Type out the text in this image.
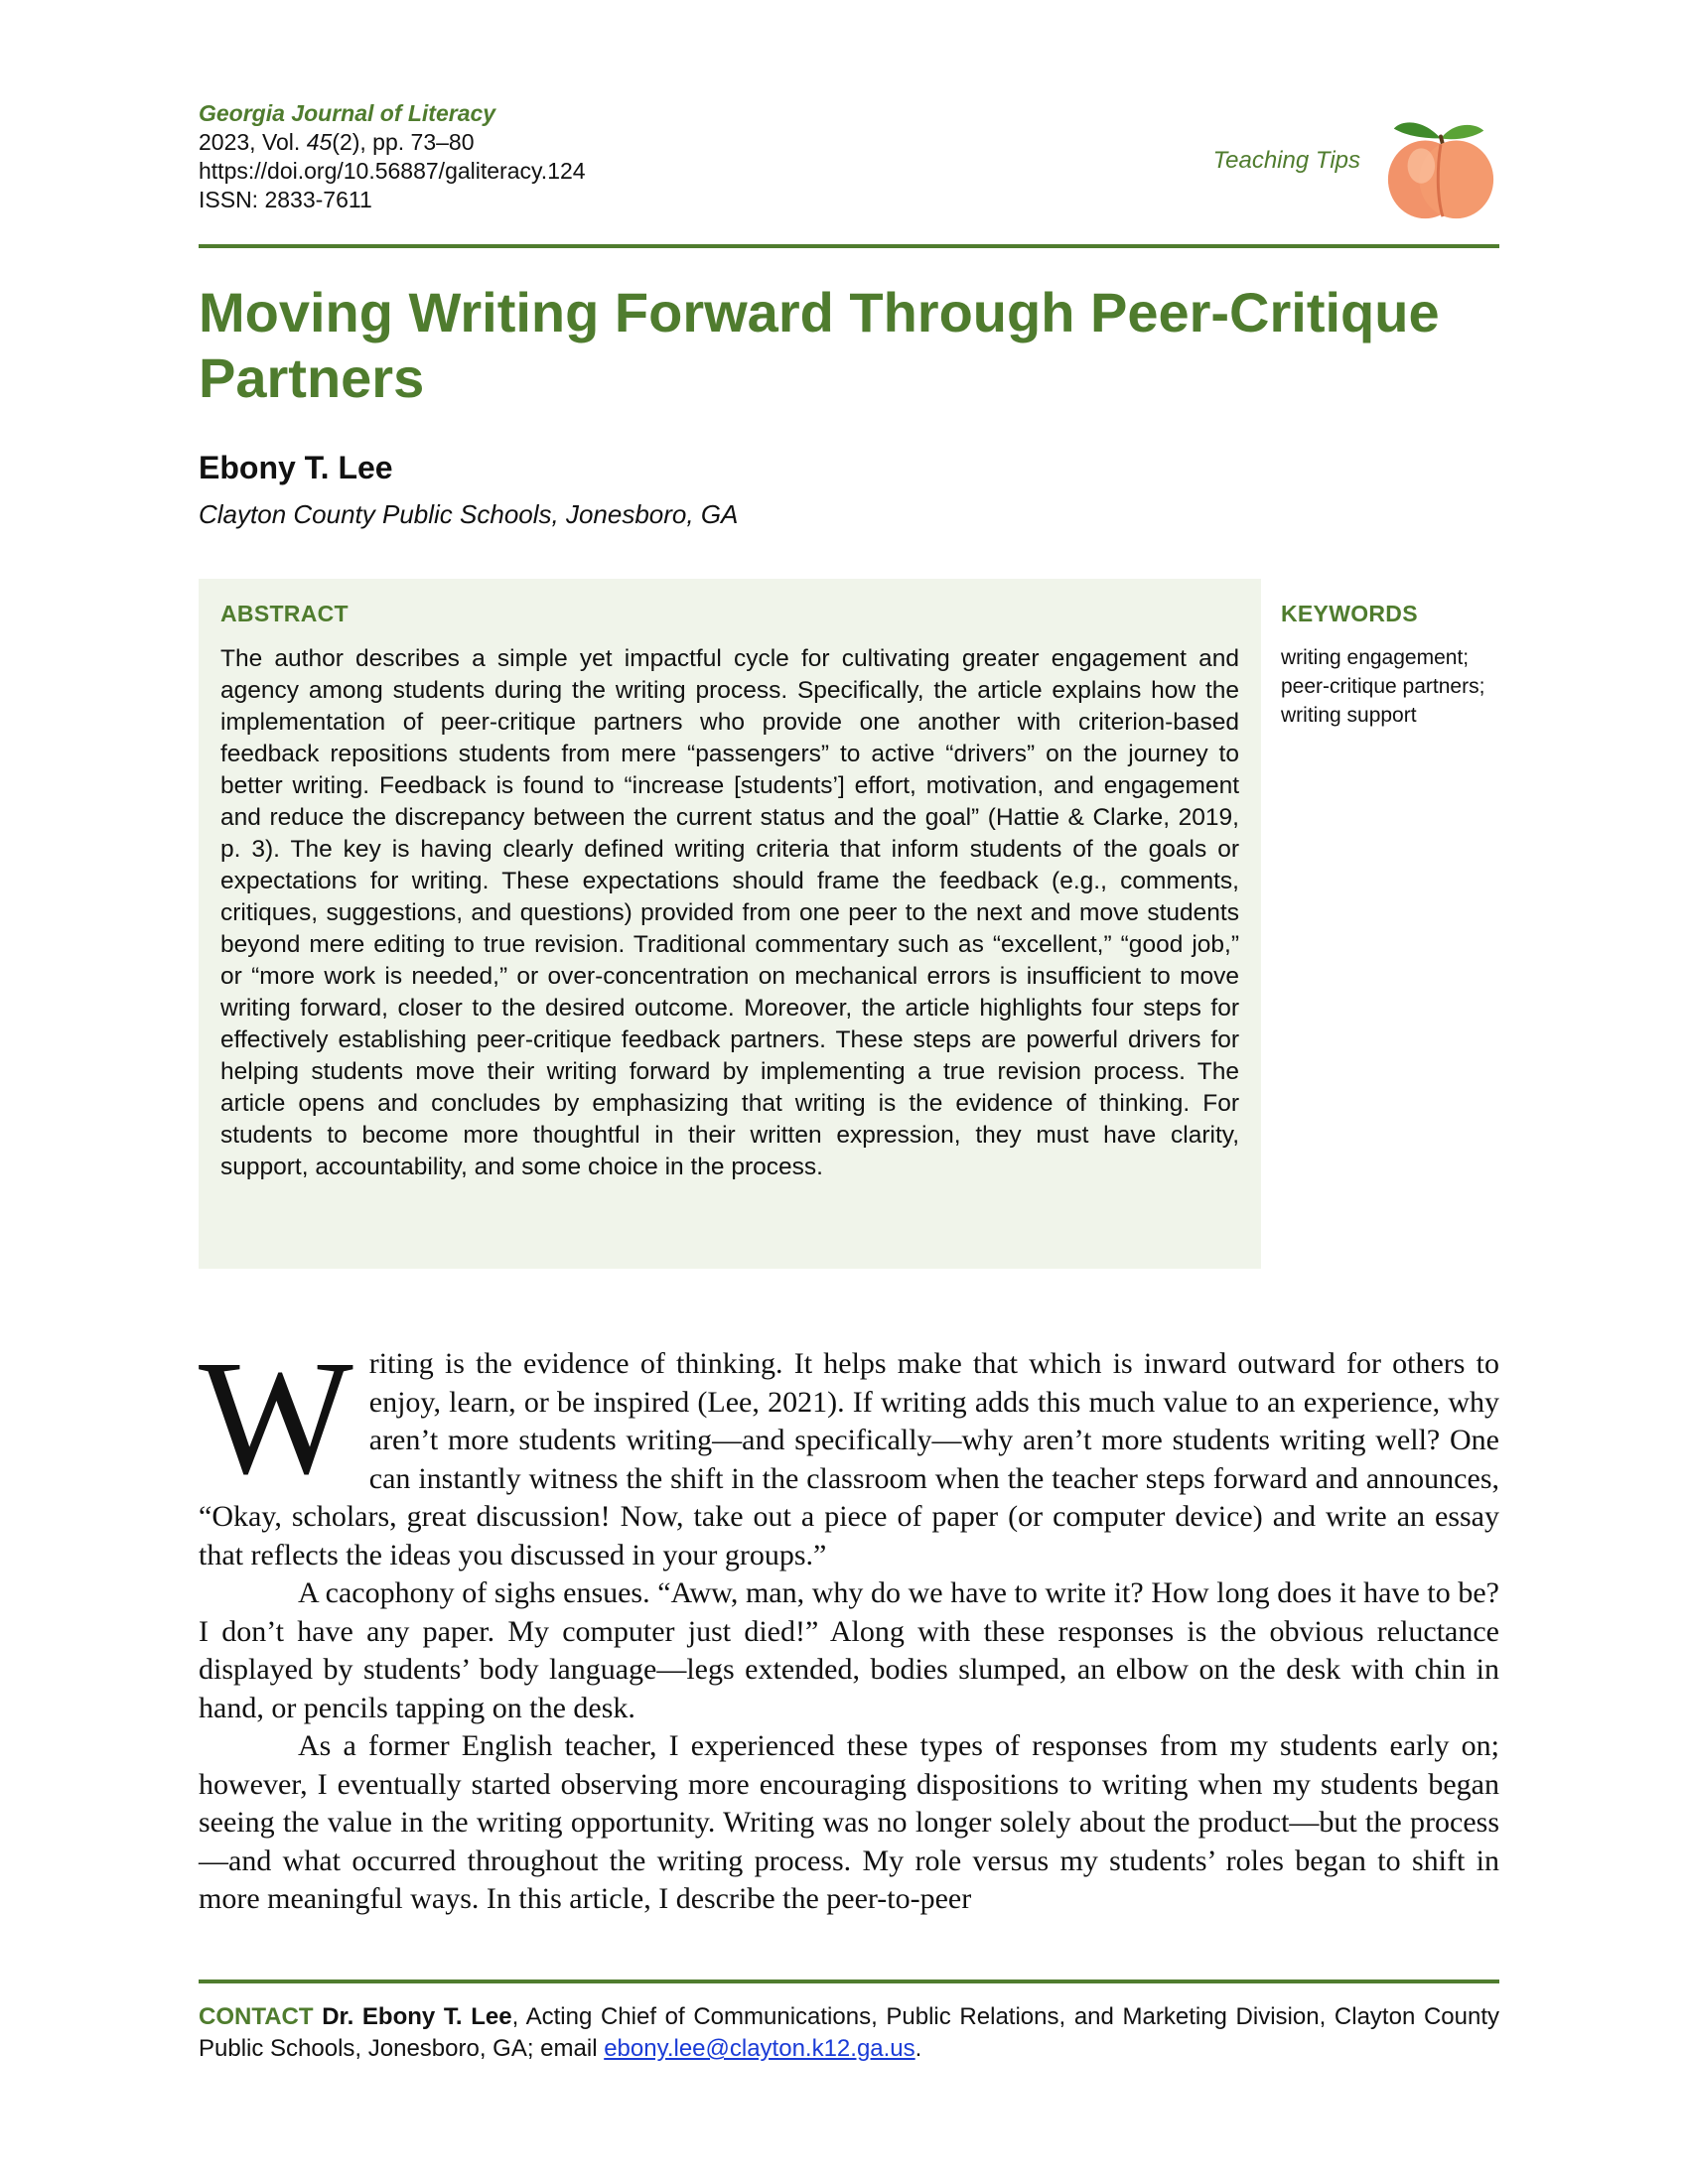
Georgia Journal of Literacy
2023, Vol. 45(2), pp. 73–80
https://doi.org/10.56887/galiteracy.124
ISSN: 2833-7611
Teaching Tips
Moving Writing Forward Through Peer-Critique Partners
Ebony T. Lee
Clayton County Public Schools, Jonesboro, GA
ABSTRACT
The author describes a simple yet impactful cycle for cultivating greater engagement and agency among students during the writing process. Specifically, the article explains how the implementation of peer-critique partners who provide one another with criterion-based feedback repositions students from mere “passengers” to active “drivers” on the journey to better writing. Feedback is found to “increase [students’] effort, motivation, and engagement and reduce the discrepancy between the current status and the goal” (Hattie & Clarke, 2019, p. 3). The key is having clearly defined writing criteria that inform students of the goals or expectations for writing. These expectations should frame the feedback (e.g., comments, critiques, suggestions, and questions) provided from one peer to the next and move students beyond mere editing to true revision. Traditional commentary such as “excellent,” “good job,” or “more work is needed,” or over-concentration on mechanical errors is insufficient to move writing forward, closer to the desired outcome. Moreover, the article highlights four steps for effectively establishing peer-critique feedback partners. These steps are powerful drivers for helping students move their writing forward by implementing a true revision process. The article opens and concludes by emphasizing that writing is the evidence of thinking. For students to become more thoughtful in their written expression, they must have clarity, support, accountability, and some choice in the process.
KEYWORDS
writing engagement; peer-critique partners; writing support

Writing is the evidence of thinking. It helps make that which is inward outward for others to enjoy, learn, or be inspired (Lee, 2021). If writing adds this much value to an experience, why aren’t more students writing—and specifically—why aren’t more students writing well? One can instantly witness the shift in the classroom when the teacher steps forward and announces, “Okay, scholars, great discussion! Now, take out a piece of paper (or computer device) and write an essay that reflects the ideas you discussed in your groups.”

A cacophony of sighs ensues. “Aww, man, why do we have to write it? How long does it have to be? I don’t have any paper. My computer just died!” Along with these responses is the obvious reluctance displayed by students’ body language—legs extended, bodies slumped, an elbow on the desk with chin in hand, or pencils tapping on the desk.

As a former English teacher, I experienced these types of responses from my students early on; however, I eventually started observing more encouraging dispositions to writing when my students began seeing the value in the writing opportunity. Writing was no longer solely about the product—but the process—and what occurred throughout the writing process. My role versus my students’ roles began to shift in more meaningful ways. In this article, I describe the peer-to-peer

CONTACT Dr. Ebony T. Lee, Acting Chief of Communications, Public Relations, and Marketing Division, Clayton County Public Schools, Jonesboro, GA; email ebony.lee@clayton.k12.ga.us.
